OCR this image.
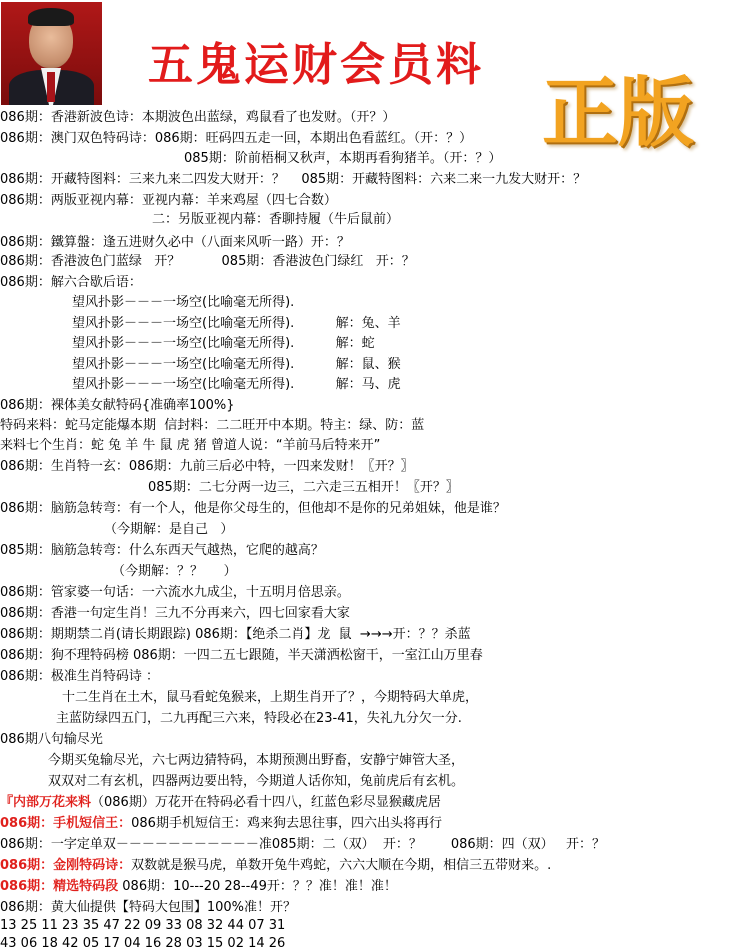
五鬼运财会员料
正版
086期：香港新波色诗：本期波色出蓝绿，鸡鼠看了也发财。（开？）
086期：澳门双色特码诗：086期：旺码四五走一回，本期出色看蓝红。（开：？）
085期：阶前梧桐又秋声，本期再看狗猪羊。（开：？）
086期：开藏特图料：三来九来二四发大财开：？    085期：开藏特图料：六来二来一九发大财开：？
086期：两版亚视内幕：亚视内幕：羊来鸡屋（四七合数）
二：另版亚视内幕：香聊持履（牛后鼠前）
086期：鐵算盤：逢五进财久必中（八面来风听一路）开：？
086期：香港波色门蓝绿   开？          085期：香港波色门绿红   开：？
086期：解六合歇后语：
望风扑影－－－一场空(比喻毫无所得).
望风扑影－－－一场空(比喻毫无所得).          解：兔、羊
望风扑影－－－一场空(比喻毫无所得).          解：蛇
望风扑影－－－一场空(比喻毫无所得).          解：鼠、猴
望风扑影－－－一场空(比喻毫无所得).          解：马、虎
086期：裸体美女献特码{准确率100%}
特码来料：蛇马定能爆本期  信封料：二二旺开中本期。特主：绿、防：蓝
来料七个生肖：蛇 兔 羊 牛 鼠 虎 猪 曾道人说：“羊前马后特来开”
086期：生肖特一玄：086期：九前三后必中特，一四来发财！〖开？〗
085期：二七分两一边三，二六走三五相开！〖开？〗
086期：脑筋急转弯：有一个人，他是你父母生的，但他却不是你的兄弟姐妹，他是谁？
（今期解：是自己   ）
085期：脑筋急转弯：什么东西天气越热，它爬的越高？
（今期解：？？     ）
086期：管家婆一句话：一六流水九成尘，十五明月倍思亲。
086期：香港一句定生肖！三九不分再来六，四七回家看大家
086期：期期禁二肖(请长期跟踪) 086期：【绝杀二肖】龙  鼠  →→→开：？？杀蓝
086期：狗不理特码榜 086期：一四二五七跟随，半天潇洒松窗干，一室江山万里春
086期：极准生肖特码诗 ：
十二生肖在土木，鼠马看蛇兔猴来，上期生肖开了？，今期特码大单虎，
主蓝防绿四五门，二九再配三六来，特段必在23-41，失礼九分欠一分.
086期八句输尽光
今期买兔输尽光，六七两边猜特码，本期预测出野畜，安静宁婶管大圣，
双双对二有玄机，四器两边要出特，今期道人话你知，兔前虎后有玄机。
『内部万花来料（086期）万花开在特码必看十四八，红蓝色彩尽显猴藏虎居
086期：手机短信王：086期手机短信王：鸡来狗去思往事，四六出头将再行
086期：一字定单双－－－－－－－－－－－准085期：二（双）  开：？       086期：四（双）   开：？
086期：金刚特码诗：双数就是猴马虎，单数开兔牛鸡蛇，六六大顺在今期，相信三五带财来。.
086期：精选特码段 086期：10---20 28--49开：？？准！准！准！
086期：黄大仙提供【特码大包围】100%准！开？
13 25 11 23 35 47 22 09 33 08 32 44 07 31
43 06 18 42 05 17 04 16 28 03 15 02 14 26
